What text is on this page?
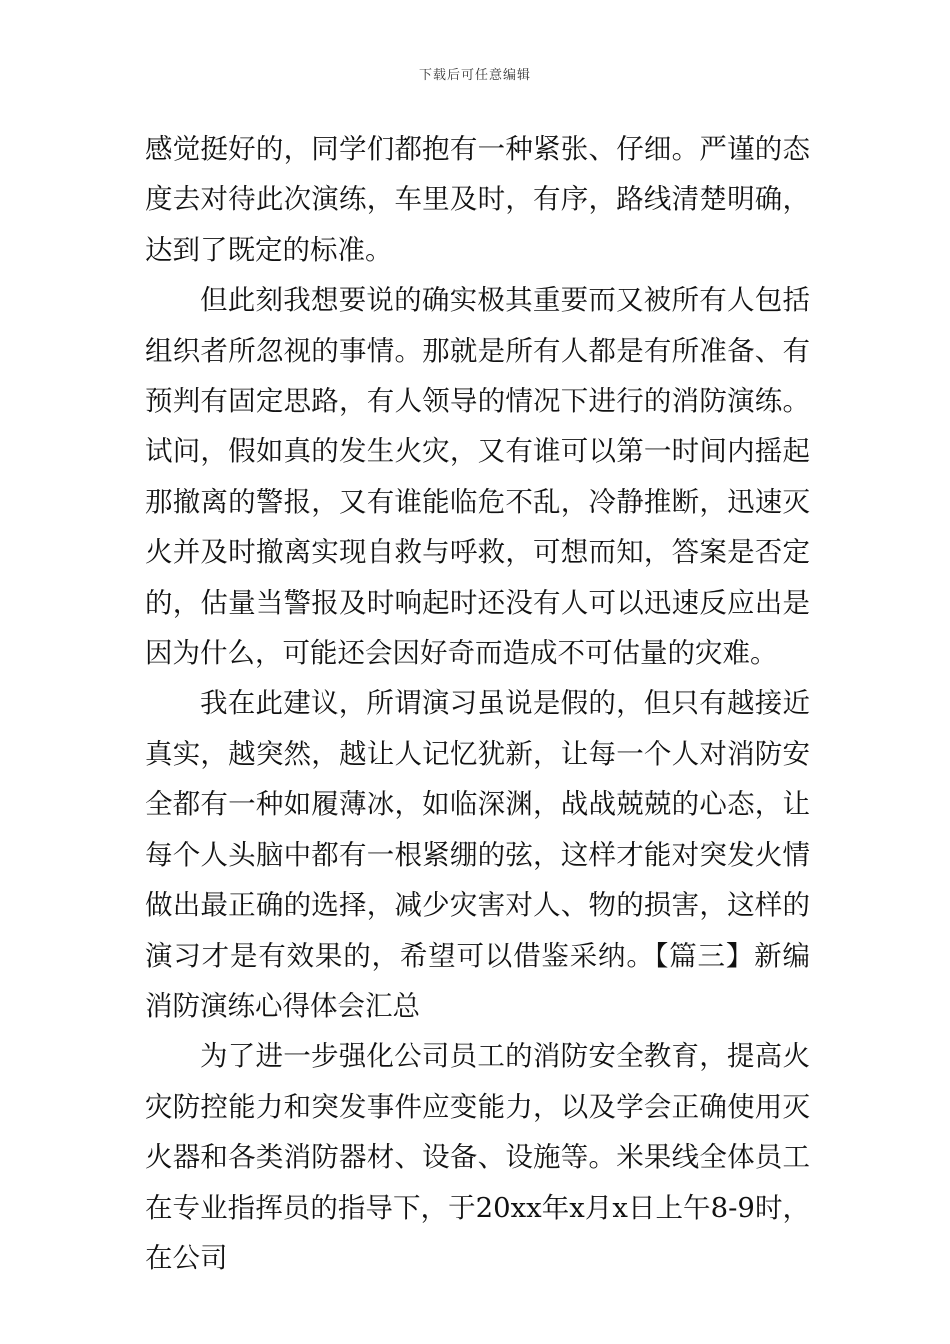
下载后可任意编辑

感觉挺好的，同学们都抱有一种紧张、仔细。严谨的态度去对待此次演练，车里及时，有序，路线清楚明确，达到了既定的标准。

但此刻我想要说的确实极其重要而又被所有人包括组织者所忽视的事情。那就是所有人都是有所准备、有预判有固定思路，有人领导的情况下进行的消防演练。试问，假如真的发生火灾，又有谁可以第一时间内摇起那撤离的警报，又有谁能临危不乱，冷静推断，迅速灭火并及时撤离实现自救与呼救，可想而知，答案是否定的，估量当警报及时响起时还没有人可以迅速反应出是因为什么，可能还会因好奇而造成不可估量的灾难。

我在此建议，所谓演习虽说是假的，但只有越接近真实，越突然，越让人记忆犹新，让每一个人对消防安全都有一种如履薄冰，如临深渊，战战兢兢的心态，让每个人头脑中都有一根紧绷的弦，这样才能对突发火情做出最正确的选择，减少灾害对人、物的损害，这样的演习才是有效果的，希望可以借鉴采纳。【篇三】新编消防演练心得体会汇总

为了进一步强化公司员工的消防安全教育，提高火灾防控能力和突发事件应变能力，以及学会正确使用灭火器和各类消防器材、设备、设施等。米果线全体员工在专业指挥员的指导下，于20xx年x月x日上午8-9时，在公司
